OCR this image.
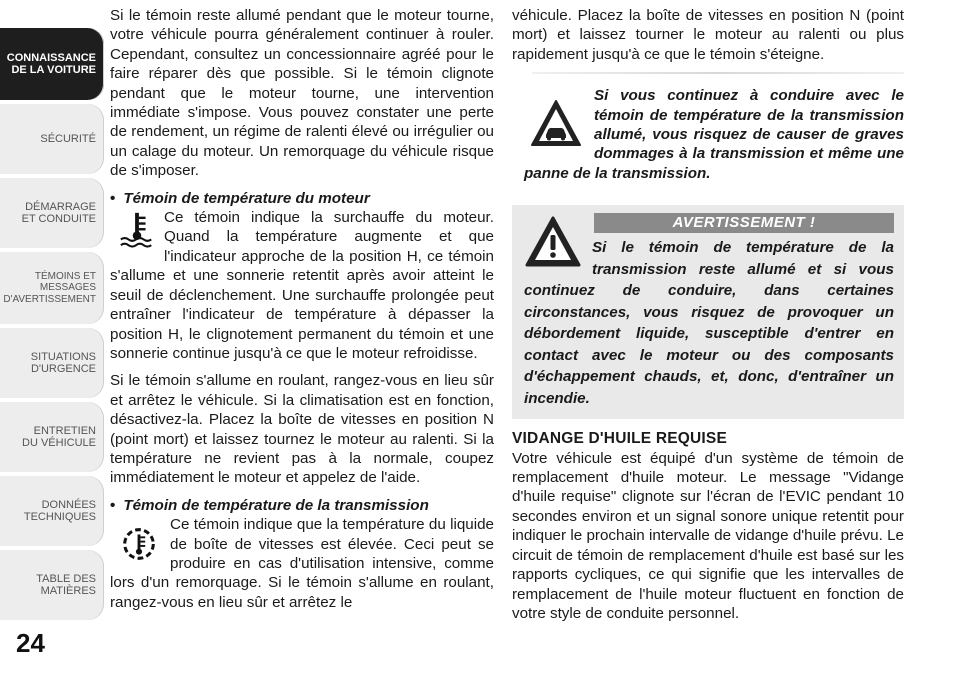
CONNAISSANCE
DE LA VOITURE
SÉCURITÉ
DÉMARRAGE
ET CONDUITE
TÉMOINS ET
MESSAGES
D'AVERTISSEMENT
SITUATIONS
D'URGENCE
ENTRETIEN
DU VÉHICULE
DONNÉES
TECHNIQUES
TABLE DES
MATIÈRES
24

Si le témoin reste allumé pendant que le moteur tourne, votre véhicule pourra généralement continuer à rouler. Cependant, consultez un concessionnaire agréé pour le faire réparer dès que possible. Si le témoin clignote pendant que le moteur tourne, une intervention immédiate s'impose. Vous pouvez constater une perte de rendement, un régime de ralenti élevé ou irrégulier ou un calage du moteur. Un remorquage du véhicule risque de s'imposer.

• Témoin de température du moteur

Ce témoin indique la surchauffe du moteur. Quand la température augmente et que l'indicateur approche de la position H, ce témoin s'allume et une sonnerie retentit après avoir atteint le seuil de déclenchement. Une surchauffe prolongée peut entraîner l'indicateur de température à dépasser la position H, le clignotement permanent du témoin et une sonnerie continue jusqu'à ce que le moteur refroidisse.

Si le témoin s'allume en roulant, rangez-vous en lieu sûr et arrêtez le véhicule. Si la climatisation est en fonction, désactivez-la. Placez la boîte de vitesses en position N (point mort) et laissez tournez le moteur au ralenti. Si la température ne revient pas à la normale, coupez immédiatement le moteur et appelez de l'aide.

• Témoin de température de la transmission

Ce témoin indique que la température du liquide de boîte de vitesses est élevée. Ceci peut se produire en cas d'utilisation intensive, comme lors d'un remorquage. Si le témoin s'allume en roulant, rangez-vous en lieu sûr et arrêtez le

véhicule. Placez la boîte de vitesses en position N (point mort) et laissez tourner le moteur au ralenti ou plus rapidement jusqu'à ce que le témoin s'éteigne.

Si vous continuez à conduire avec le témoin de température de la transmission allumé, vous risquez de causer de graves dommages à la transmission et même une panne de la transmission.

AVERTISSEMENT !

Si le témoin de température de la transmission reste allumé et si vous continuez de conduire, dans certaines circonstances, vous risquez de provoquer un débordement liquide, susceptible d'entrer en contact avec le moteur ou des composants d'échappement chauds, et, donc, d'entraîner un incendie.

VIDANGE D'HUILE REQUISE

Votre véhicule est équipé d'un système de témoin de remplacement d'huile moteur. Le message "Vidange d'huile requise" clignote sur l'écran de l'EVIC pendant 10 secondes environ et un signal sonore unique retentit pour indiquer le prochain intervalle de vidange d'huile prévu. Le circuit de témoin de remplacement d'huile est basé sur les rapports cycliques, ce qui signifie que les intervalles de remplacement de l'huile moteur fluctuent en fonction de votre style de conduite personnel.
